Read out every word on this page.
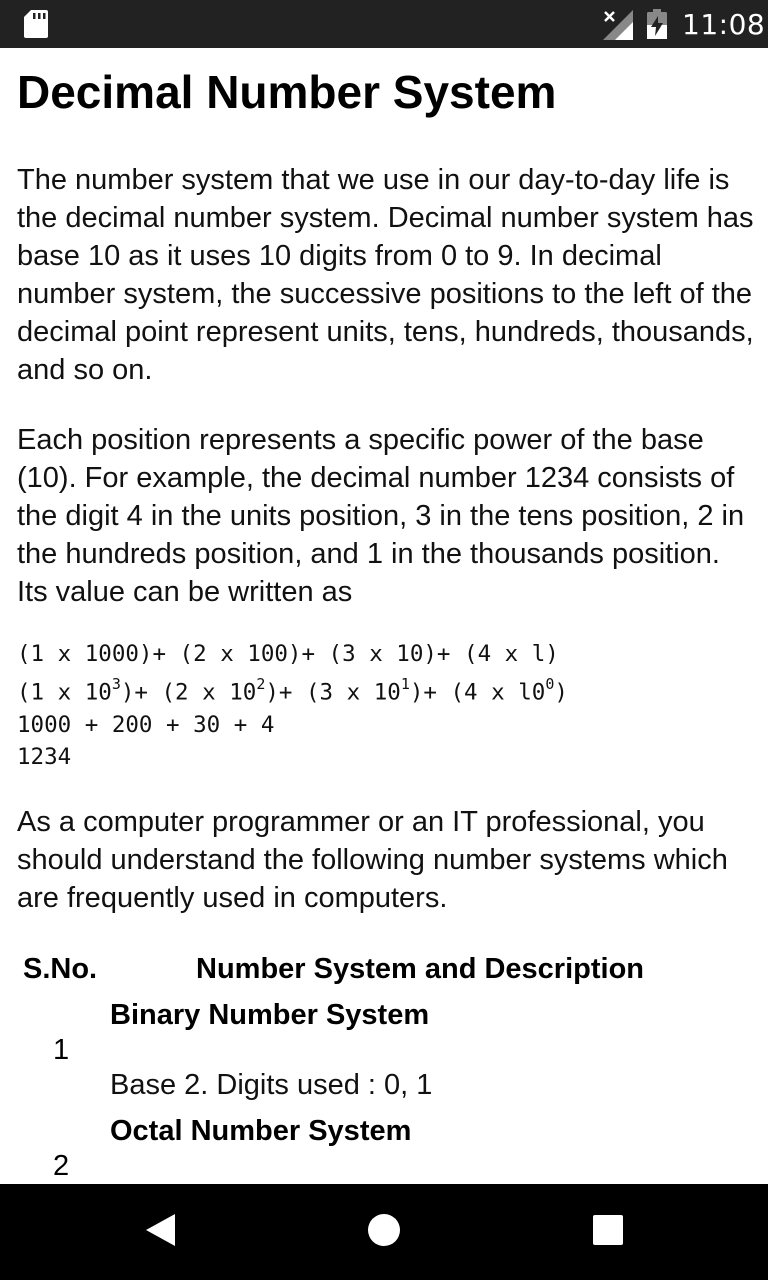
11:08
Decimal Number System

The number system that we use in our day-to-day life is the decimal number system. Decimal number system has base 10 as it uses 10 digits from 0 to 9. In decimal number system, the successive positions to the left of the decimal point represent units, tens, hundreds, thousands, and so on.

Each position represents a specific power of the base (10). For example, the decimal number 1234 consists of the digit 4 in the units position, 3 in the tens position, 2 in the hundreds position, and 1 in the thousands position. Its value can be written as

(1 x 1000)+ (2 x 100)+ (3 x 10)+ (4 x l)
(1 x $10^3)+ (2$ x $10^2)+ (3$ x $10^1)+ (4$ x $l0^0$)
1000 + 200 + 30 + 4
1234

As a computer programmer or an IT professional, you should understand the following number systems which are frequently used in computers.

S.No.	Number System and Description
Binary Number System
1
Base 2. Digits used : 0, 1
Octal Number System
2
